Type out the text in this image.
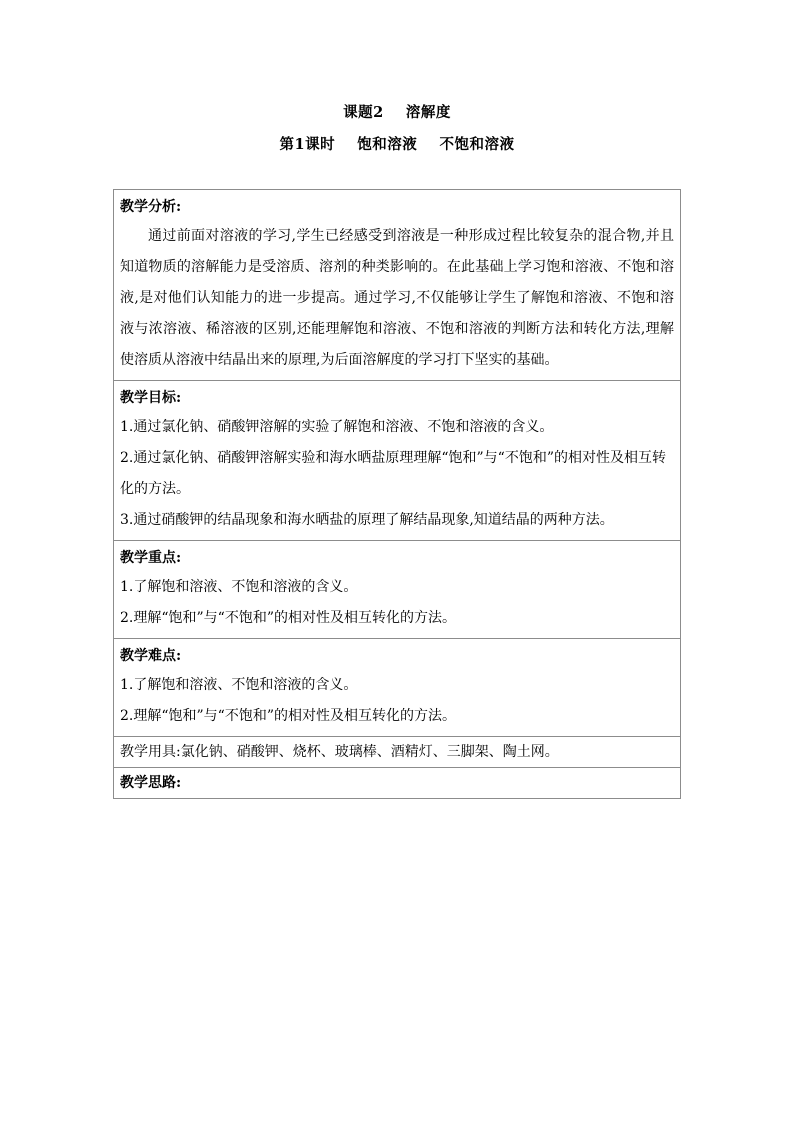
课题2    溶解度
第1课时    饱和溶液    不饱和溶液
教学分析:
通过前面对溶液的学习,学生已经感受到溶液是一种形成过程比较复杂的混合物,并且知道物质的溶解能力是受溶质、溶剂的种类影响的。在此基础上学习饱和溶液、不饱和溶液,是对他们认知能力的进一步提高。通过学习,不仅能够让学生了解饱和溶液、不饱和溶液与浓溶液、稀溶液的区别,还能理解饱和溶液、不饱和溶液的判断方法和转化方法,理解使溶质从溶液中结晶出来的原理,为后面溶解度的学习打下坚实的基础。

教学目标:
1.通过氯化钠、硝酸钾溶解的实验了解饱和溶液、不饱和溶液的含义。
2.通过氯化钠、硝酸钾溶解实验和海水晒盐原理理解“饱和”与“不饱和”的相对性及相互转化的方法。
3.通过硝酸钾的结晶现象和海水晒盐的原理了解结晶现象,知道结晶的两种方法。

教学重点:
1.了解饱和溶液、不饱和溶液的含义。
2.理解“饱和”与“不饱和”的相对性及相互转化的方法。

教学难点:
1.了解饱和溶液、不饱和溶液的含义。
2.理解“饱和”与“不饱和”的相对性及相互转化的方法。

教学用具:氯化钠、硝酸钾、烧杯、玻璃棒、酒精灯、三脚架、陶土网。

教学思路:
